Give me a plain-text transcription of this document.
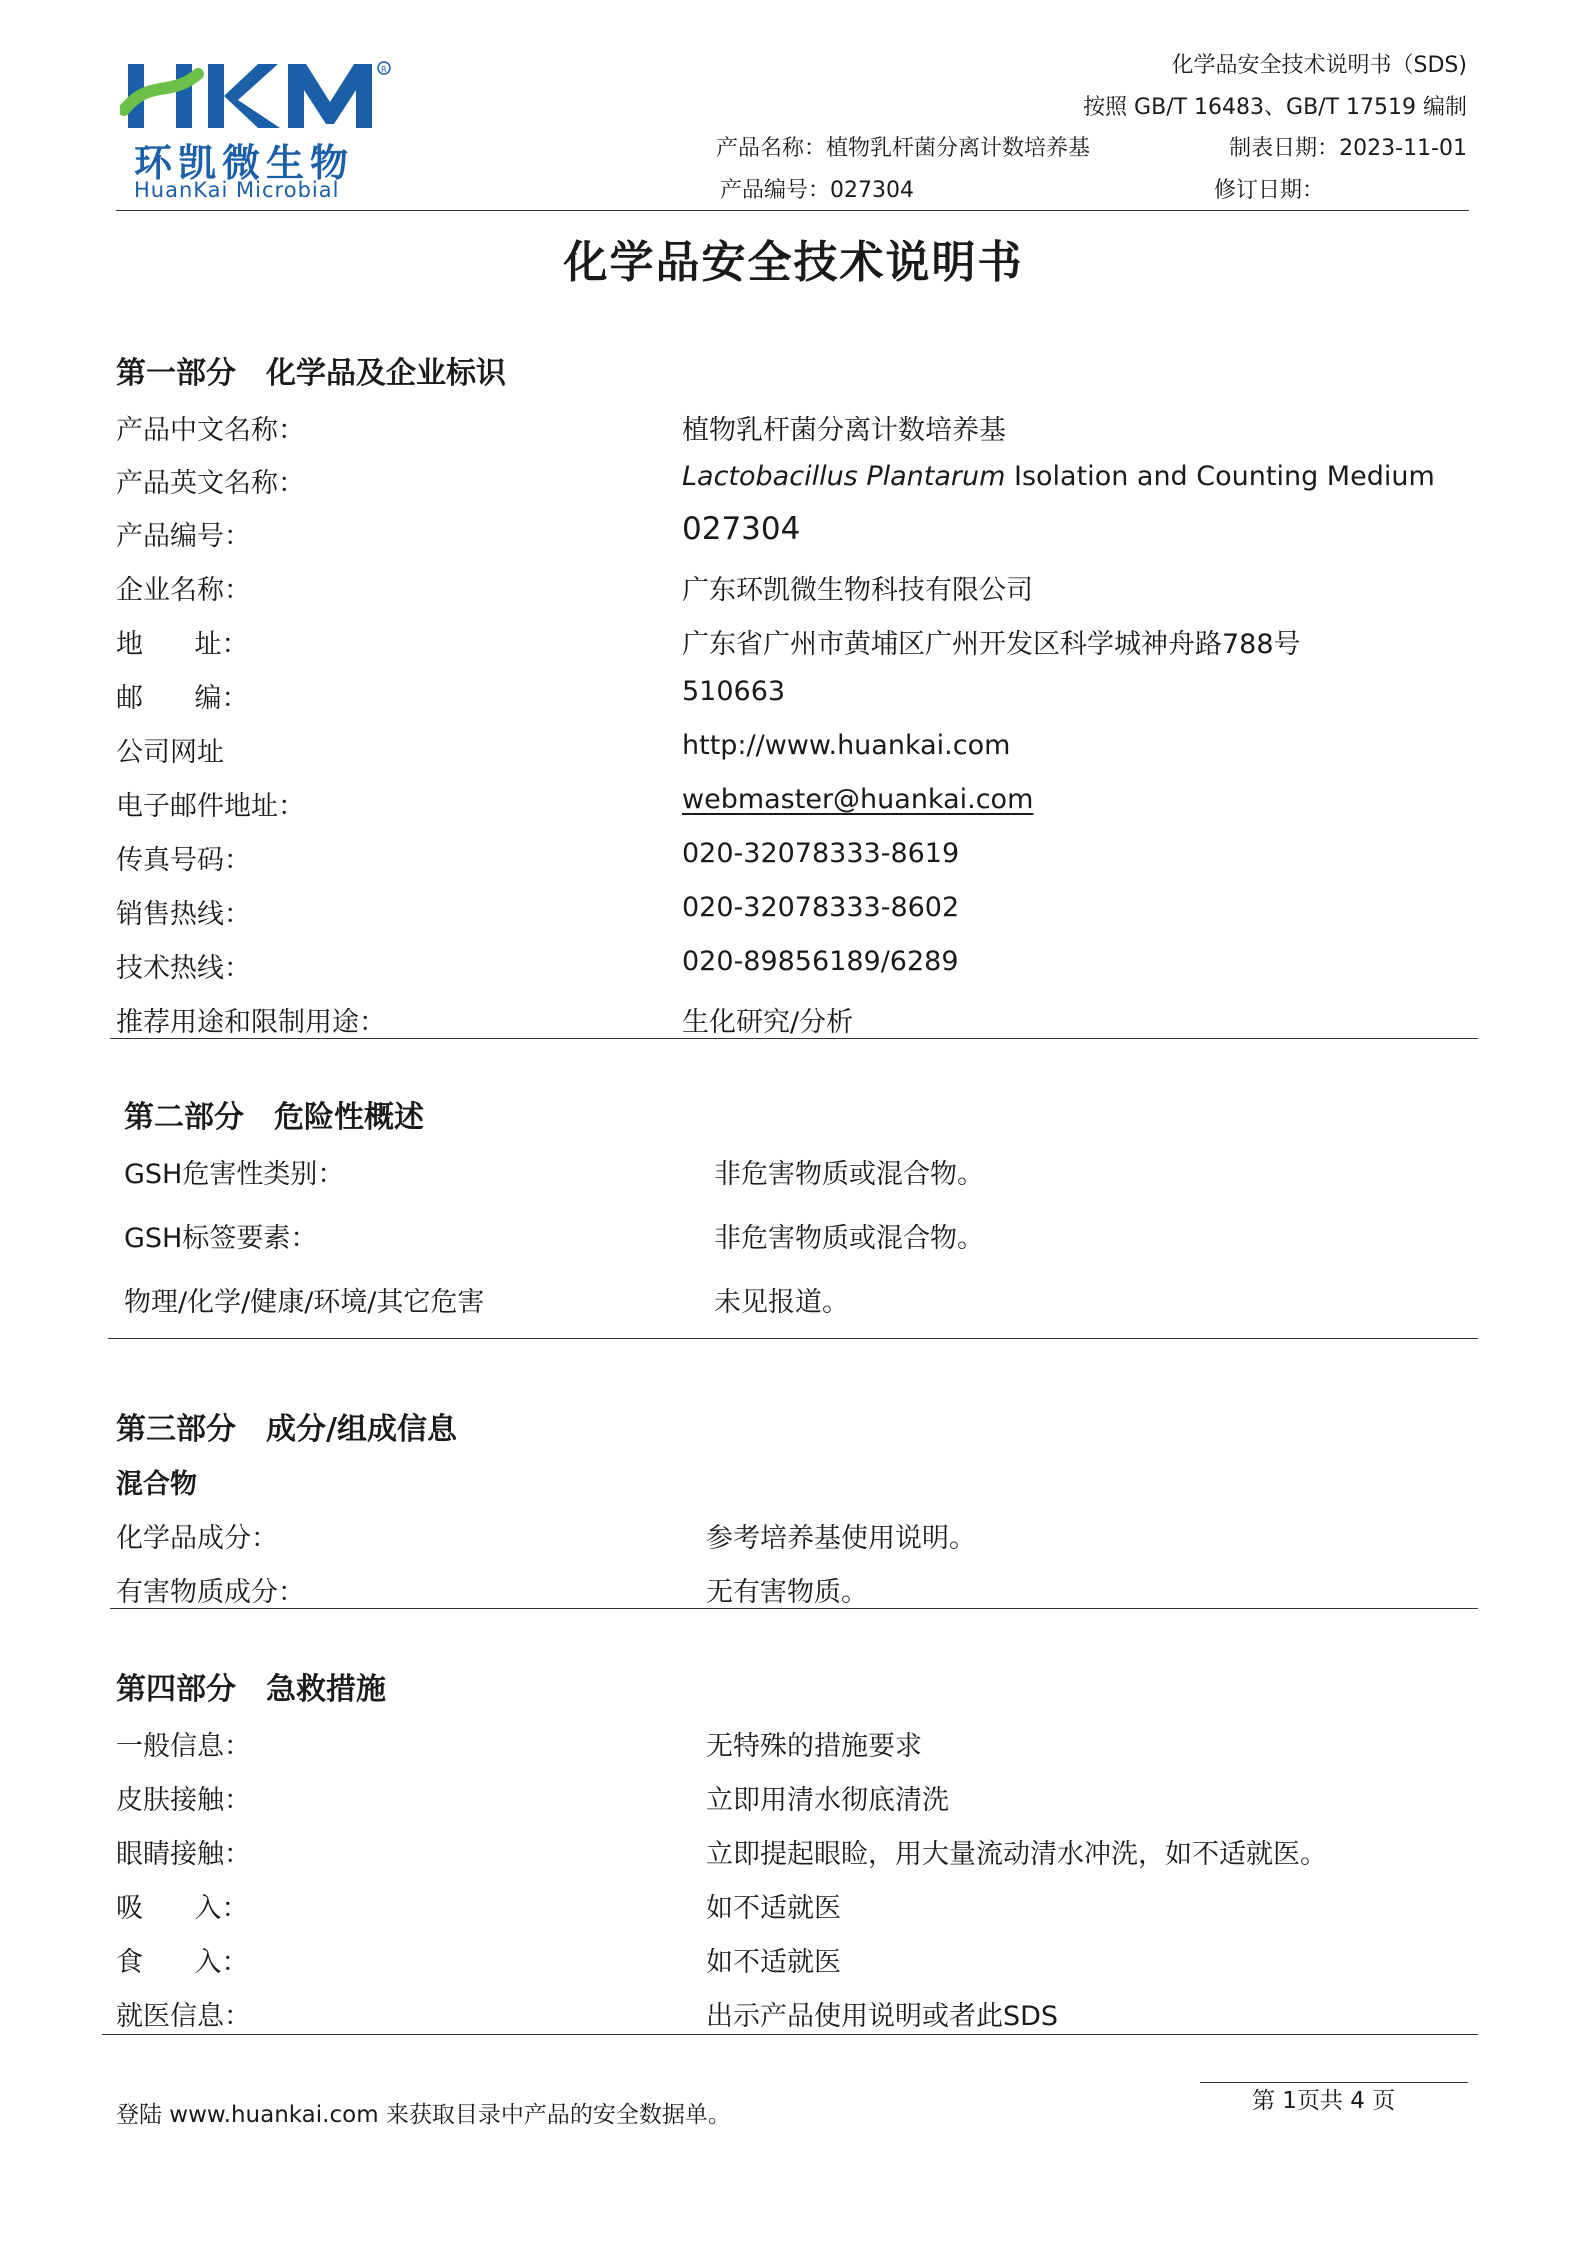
R
环凯微生物
HuanKai Microbial
化学品安全技术说明书（SDS)
按照 GB/T 16483、GB/T 17519 编制
产品名称：植物乳杆菌分离计数培养基	制表日期：2023-11-01
产品编号：027304	修订日期：
化学品安全技术说明书
第一部分 化学品及企业标识
产品中文名称：	植物乳杆菌分离计数培养基
产品英文名称：	Lactobacillus Plantarum Isolation and Counting Medium
产品编号：	027304
企业名称：	广东环凯微生物科技有限公司
地      址：	广东省广州市黄埔区广州开发区科学城神舟路788号
邮      编：	510663
公司网址	http://www.huankai.com
电子邮件地址：	webmaster@huankai.com
传真号码：	020-32078333-8619
销售热线：	020-32078333-8602
技术热线：	020-89856189/6289
推荐用途和限制用途：	生化研究/分析
第二部分 危险性概述
GSH危害性类别：	非危害物质或混合物。
GSH标签要素：	非危害物质或混合物。
物理/化学/健康/环境/其它危害	未见报道。
第三部分 成分/组成信息
混合物
化学品成分：	参考培养基使用说明。
有害物质成分：	无有害物质。
第四部分 急救措施
一般信息：	无特殊的措施要求
皮肤接触：	立即用清水彻底清洗
眼睛接触：	立即提起眼睑，用大量流动清水冲洗，如不适就医。
吸      入：	如不适就医
食      入：	如不适就医
就医信息：	出示产品使用说明或者此SDS
登陆 www.huankai.com 来获取目录中产品的安全数据单。
第 1页共 4 页
